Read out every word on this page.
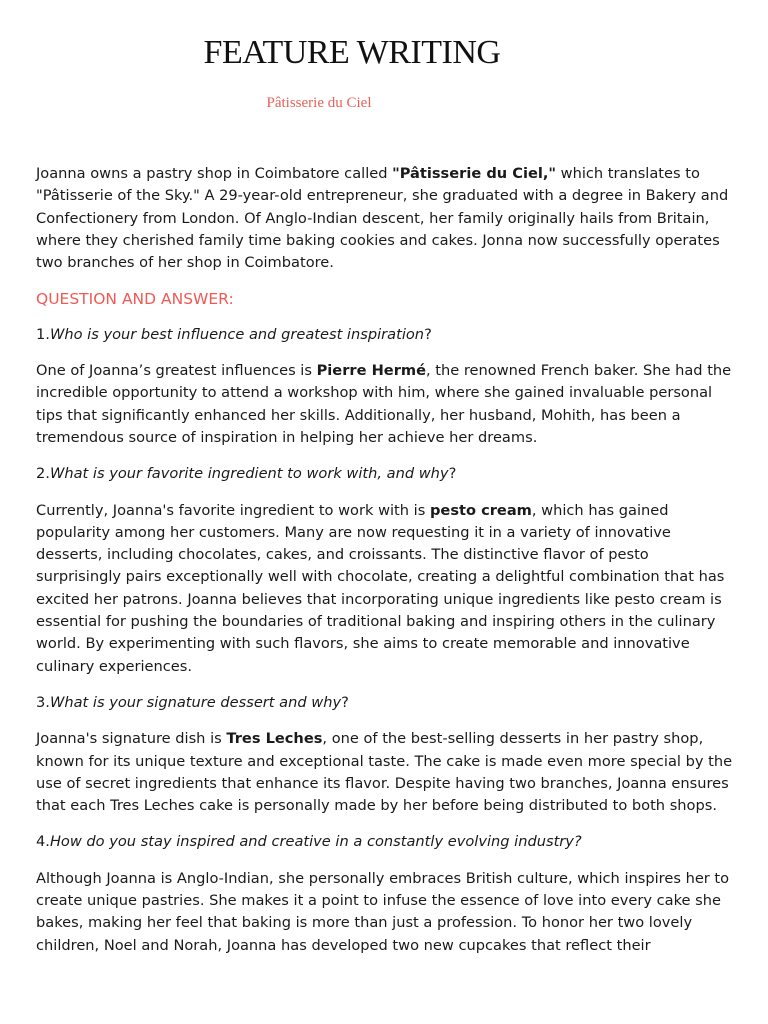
FEATURE WRITING
Pâtisserie du Ciel

Joanna owns a pastry shop in Coimbatore called "Pâtisserie du Ciel," which translates to "Pâtisserie of the Sky." A 29-year-old entrepreneur, she graduated with a degree in Bakery and Confectionery from London. Of Anglo-Indian descent, her family originally hails from Britain, where they cherished family time baking cookies and cakes. Jonna now successfully operates two branches of her shop in Coimbatore.

QUESTION AND ANSWER:

1.Who is your best influence and greatest inspiration?

One of Joanna’s greatest influences is Pierre Hermé, the renowned French baker. She had the incredible opportunity to attend a workshop with him, where she gained invaluable personal tips that significantly enhanced her skills. Additionally, her husband, Mohith, has been a tremendous source of inspiration in helping her achieve her dreams.

2.What is your favorite ingredient to work with, and why?

Currently, Joanna's favorite ingredient to work with is pesto cream, which has gained popularity among her customers. Many are now requesting it in a variety of innovative desserts, including chocolates, cakes, and croissants. The distinctive flavor of pesto surprisingly pairs exceptionally well with chocolate, creating a delightful combination that has excited her patrons. Joanna believes that incorporating unique ingredients like pesto cream is essential for pushing the boundaries of traditional baking and inspiring others in the culinary world. By experimenting with such flavors, she aims to create memorable and innovative culinary experiences.

3.What is your signature dessert and why?

Joanna's signature dish is Tres Leches, one of the best-selling desserts in her pastry shop, known for its unique texture and exceptional taste. The cake is made even more special by the use of secret ingredients that enhance its flavor. Despite having two branches, Joanna ensures that each Tres Leches cake is personally made by her before being distributed to both shops.

4.How do you stay inspired and creative in a constantly evolving industry?

Although Joanna is Anglo-Indian, she personally embraces British culture, which inspires her to create unique pastries. She makes it a point to infuse the essence of love into every cake she bakes, making her feel that baking is more than just a profession. To honor her two lovely children, Noel and Norah, Joanna has developed two new cupcakes that reflect their
